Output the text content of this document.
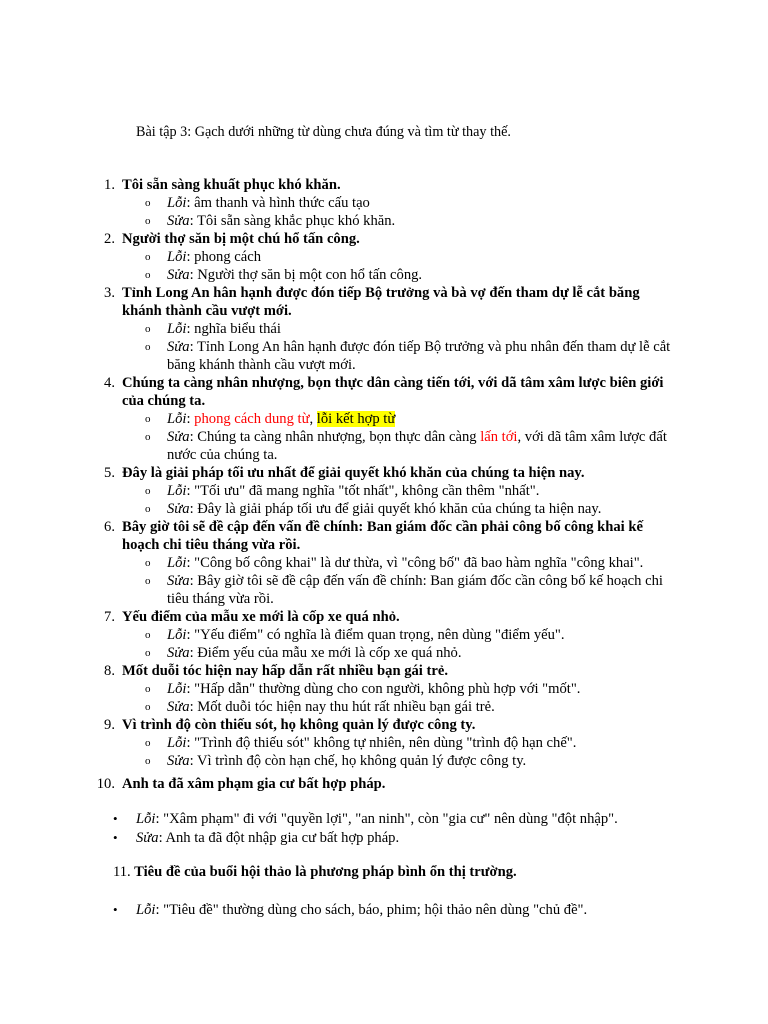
Bài tập 3: Gạch dưới những từ dùng chưa đúng và tìm từ thay thế.
1. Tôi sẵn sàng khuất phục khó khăn.
o Lỗi: âm thanh và hình thức cấu tạo
o Sửa: Tôi sẵn sàng khắc phục khó khăn.
2. Người thợ săn bị một chú hổ tấn công.
o Lỗi: phong cách
o Sửa: Người thợ săn bị một con hổ tấn công.
3. Tỉnh Long An hân hạnh được đón tiếp Bộ trưởng và bà vợ đến tham dự lễ cắt băng khánh thành cầu vượt mới.
o Lỗi: nghĩa biểu thái
o Sửa: Tỉnh Long An hân hạnh được đón tiếp Bộ trưởng và phu nhân đến tham dự lễ cắt băng khánh thành cầu vượt mới.
4. Chúng ta càng nhân nhượng, bọn thực dân càng tiến tới, với dã tâm xâm lược biên giới của chúng ta.
o Lỗi: phong cách dung từ, lỗi kết hợp từ
o Sửa: Chúng ta càng nhân nhượng, bọn thực dân càng lấn tới, với dã tâm xâm lược đất nước của chúng ta.
5. Đây là giải pháp tối ưu nhất để giải quyết khó khăn của chúng ta hiện nay.
o Lỗi: "Tối ưu" đã mang nghĩa "tốt nhất", không cần thêm "nhất".
o Sửa: Đây là giải pháp tối ưu để giải quyết khó khăn của chúng ta hiện nay.
6. Bây giờ tôi sẽ đề cập đến vấn đề chính: Ban giám đốc cần phải công bố công khai kế hoạch chi tiêu tháng vừa rồi.
o Lỗi: "Công bố công khai" là dư thừa, vì "công bố" đã bao hàm nghĩa "công khai".
o Sửa: Bây giờ tôi sẽ đề cập đến vấn đề chính: Ban giám đốc cần công bố kế hoạch chi tiêu tháng vừa rồi.
7. Yếu điểm của mẫu xe mới là cốp xe quá nhỏ.
o Lỗi: "Yếu điểm" có nghĩa là điểm quan trọng, nên dùng "điểm yếu".
o Sửa: Điểm yếu của mẫu xe mới là cốp xe quá nhỏ.
8. Mốt duỗi tóc hiện nay hấp dẫn rất nhiều bạn gái trẻ.
o Lỗi: "Hấp dẫn" thường dùng cho con người, không phù hợp với "mốt".
o Sửa: Mốt duỗi tóc hiện nay thu hút rất nhiều bạn gái trẻ.
9. Vì trình độ còn thiếu sót, họ không quản lý được công ty.
o Lỗi: "Trình độ thiếu sót" không tự nhiên, nên dùng "trình độ hạn chế".
o Sửa: Vì trình độ còn hạn chế, họ không quản lý được công ty.
10. Anh ta đã xâm phạm gia cư bất hợp pháp.
• Lỗi: "Xâm phạm" đi với "quyền lợi", "an ninh", còn "gia cư" nên dùng "đột nhập".
• Sửa: Anh ta đã đột nhập gia cư bất hợp pháp.
11. Tiêu đề của buổi hội thảo là phương pháp bình ổn thị trường.
• Lỗi: "Tiêu đề" thường dùng cho sách, báo, phim; hội thảo nên dùng "chủ đề".
